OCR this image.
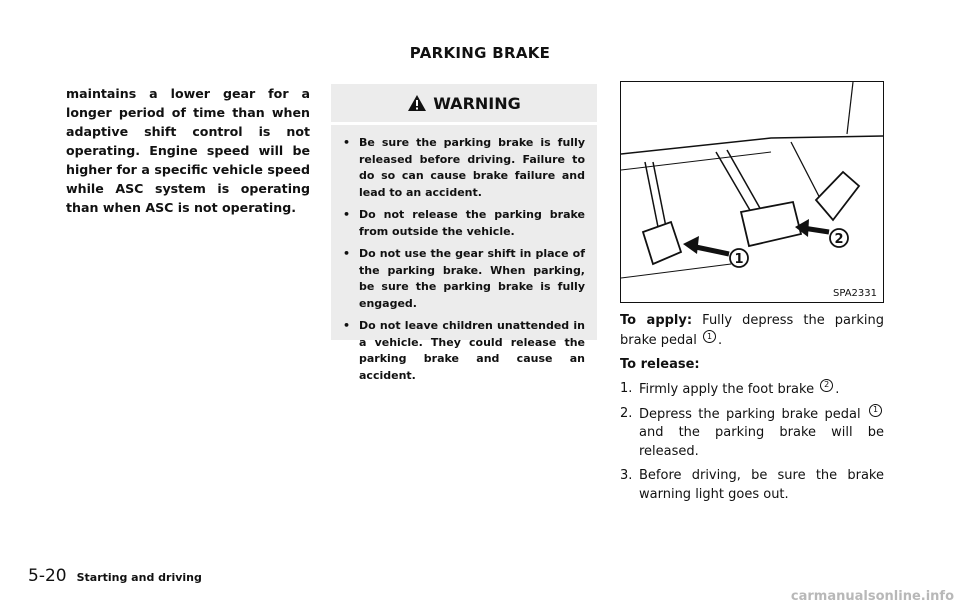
PARKING BRAKE
maintains a lower gear for a longer period of time than when adaptive shift control is not operating. Engine speed will be higher for a specific vehicle speed while ASC system is operating than when ASC is not operating.
WARNING
• Be sure the parking brake is fully released before driving. Failure to do so can cause brake failure and lead to an accident.
• Do not release the parking brake from outside the vehicle.
• Do not use the gear shift in place of the parking brake. When parking, be sure the parking brake is fully engaged.
• Do not leave children unattended in a vehicle. They could release the parking brake and cause an accident.
1
2
SPA2331

To apply: Fully depress the parking brake pedal 1 .

To release:

1. Firmly apply the foot brake 2 .
2. Depress the parking brake pedal 1 and the parking brake will be released.
3. Before driving, be sure the brake warning light goes out.
5-20 Starting and driving
carmanualsonline.info
